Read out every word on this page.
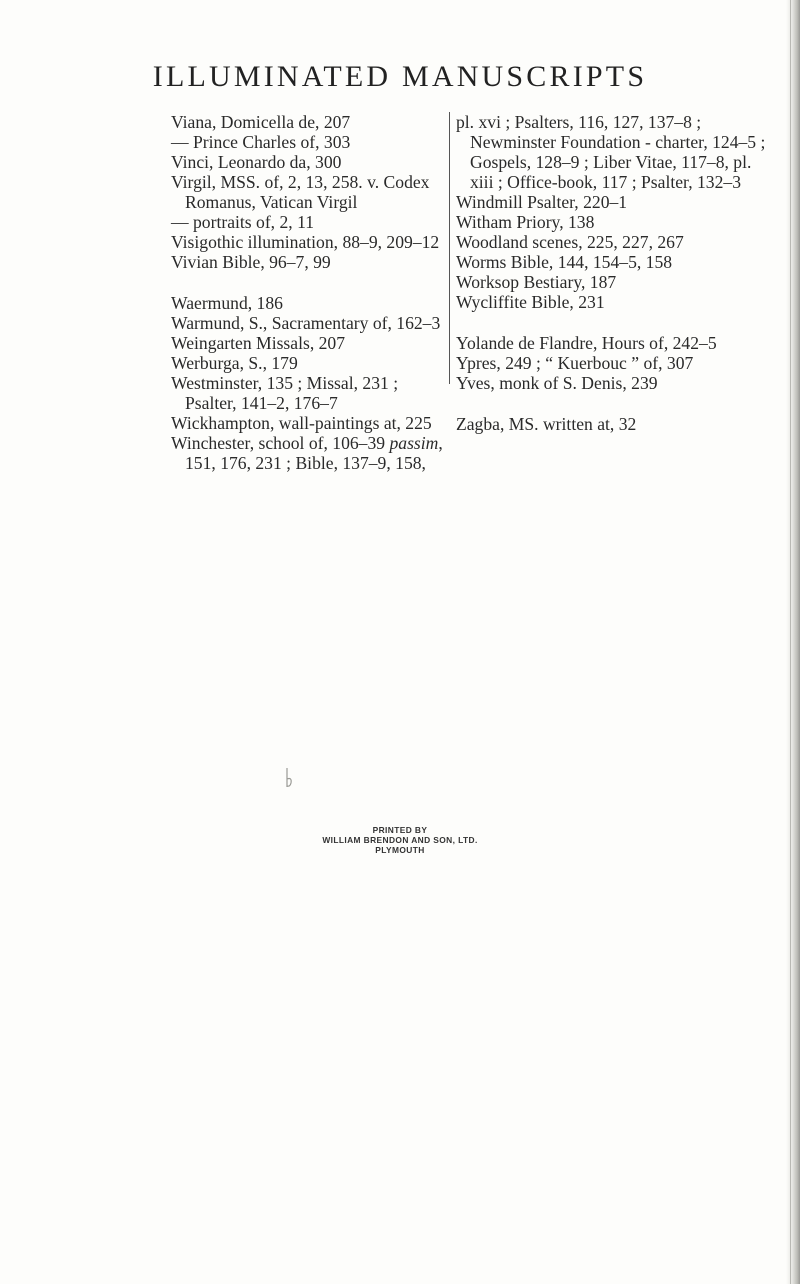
ILLUMINATED MANUSCRIPTS
Viana, Domicella de, 207
— Prince Charles of, 303
Vinci, Leonardo da, 300
Virgil, MSS. of, 2, 13, 258. v. Codex Romanus, Vatican Virgil
— portraits of, 2, 11
Visigothic illumination, 88–9, 209–12
Vivian Bible, 96–7, 99
Waermund, 186
Warmund, S., Sacramentary of, 162–3
Weingarten Missals, 207
Werburga, S., 179
Westminster, 135 ; Missal, 231 ; Psalter, 141–2, 176–7
Wickhampton, wall-paintings at, 225
Winchester, school of, 106–39 passim, 151, 176, 231 ; Bible, 137–9, 158,
pl. xvi ; Psalters, 116, 127, 137–8 ; Newminster Foundation - charter, 124–5 ; Gospels, 128–9 ; Liber Vitae, 117–8, pl. xiii ; Office-book, 117 ; Psalter, 132–3
Windmill Psalter, 220–1
Witham Priory, 138
Woodland scenes, 225, 227, 267
Worms Bible, 144, 154–5, 158
Worksop Bestiary, 187
Wycliffite Bible, 231
Yolande de Flandre, Hours of, 242–5
Ypres, 249 ; “ Kuerbouc ” of, 307
Yves, monk of S. Denis, 239
Zagba, MS. written at, 32
PRINTED BY
WILLIAM BRENDON AND SON, LTD.
PLYMOUTH
